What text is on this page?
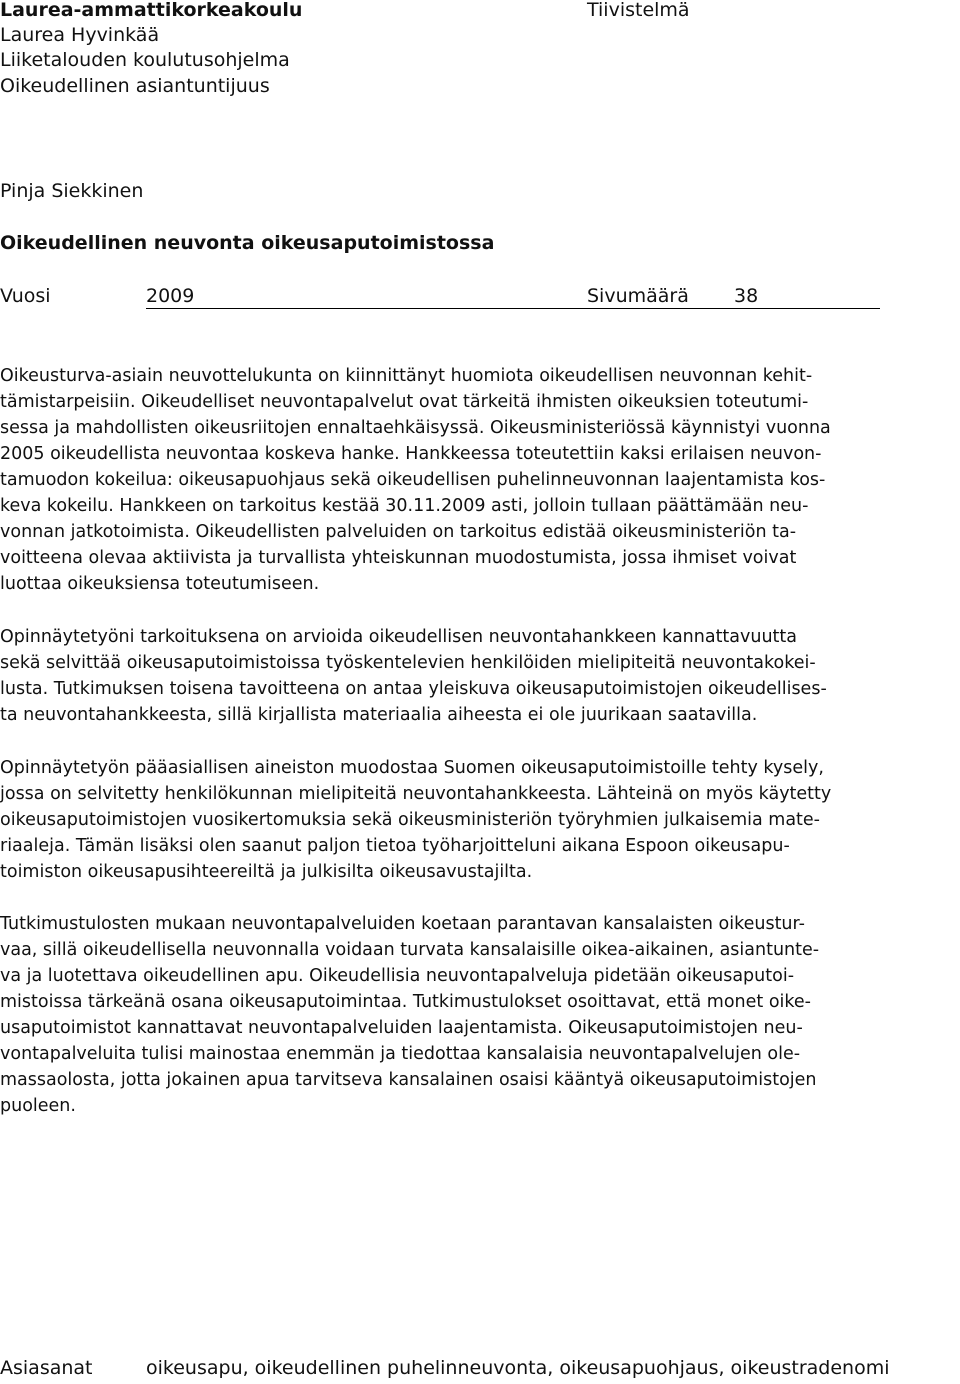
Laurea-ammattikorkeakoulu
Laurea Hyvinkää
Liiketalouden koulutusohjelma
Oikeudellinen asiantuntijuus
Tiivistelmä
Pinja Siekkinen
Oikeudellinen neuvonta oikeusaputoimistossa
Vuosi	2009	Sivumäärä 38
Oikeusturva-asiain neuvottelukunta on kiinnittänyt huomiota oikeudellisen neuvonnan kehit-
tämistarpeisiin. Oikeudelliset neuvontapalvelut ovat tärkeitä ihmisten oikeuksien toteutumi-
sessa ja mahdollisten oikeusriitojen ennaltaehkäisyssä. Oikeusministeriössä käynnistyi vuonna
2005 oikeudellista neuvontaa koskeva hanke. Hankkeessa toteutettiin kaksi erilaisen neuvon-
tamuodon kokeilua: oikeusapuohjaus sekä oikeudellisen puhelinneuvonnan laajentamista kos-
keva kokeilu. Hankkeen on tarkoitus kestää 30.11.2009 asti, jolloin tullaan päättämään neu-
vonnan jatkotoimista. Oikeudellisten palveluiden on tarkoitus edistää oikeusministeriön ta-
voitteena olevaa aktiivista ja turvallista yhteiskunnan muodostumista, jossa ihmiset voivat
luottaa oikeuksiensa toteutumiseen.
Opinnäytetyöni tarkoituksena on arvioida oikeudellisen neuvontahankkeen kannattavuutta
sekä selvittää oikeusaputoimistoissa työskentelevien henkilöiden mielipiteitä neuvontakokei-
lusta. Tutkimuksen toisena tavoitteena on antaa yleiskuva oikeusaputoimistojen oikeudellises-
ta neuvontahankkeesta, sillä kirjallista materiaalia aiheesta ei ole juurikaan saatavilla.
Opinnäytetyön pääasiallisen aineiston muodostaa Suomen oikeusaputoimistoille tehty kysely,
jossa on selvitetty henkilökunnan mielipiteitä neuvontahankkeesta. Lähteinä on myös käytetty
oikeusaputoimistojen vuosikertomuksia sekä oikeusministeriön työryhmien julkaisemia mate-
riaaleja. Tämän lisäksi olen saanut paljon tietoa työharjoitteluni aikana Espoon oikeusapu-
toimiston oikeusapusihteereiltä ja julkisilta oikeusavustajilta.
Tutkimustulosten mukaan neuvontapalveluiden koetaan parantavan kansalaisten oikeustur-
vaa, sillä oikeudellisella neuvonnalla voidaan turvata kansalaisille oikea-aikainen, asiantunte-
va ja luotettava oikeudellinen apu. Oikeudellisia neuvontapalveluja pidetään oikeusaputoi-
mistoissa tärkeänä osana oikeusaputoimintaa. Tutkimustulokset osoittavat, että monet oike-
usaputoimistot kannattavat neuvontapalveluiden laajentamista. Oikeusaputoimistojen neu-
vontapalveluita tulisi mainostaa enemmän ja tiedottaa kansalaisia neuvontapalvelujen ole-
massaolosta, jotta jokainen apua tarvitseva kansalainen osaisi kääntyä oikeusaputoimistojen
puoleen.
Asiasanat	oikeusapu, oikeudellinen puhelinneuvonta, oikeusapuohjaus, oikeustradenomi
